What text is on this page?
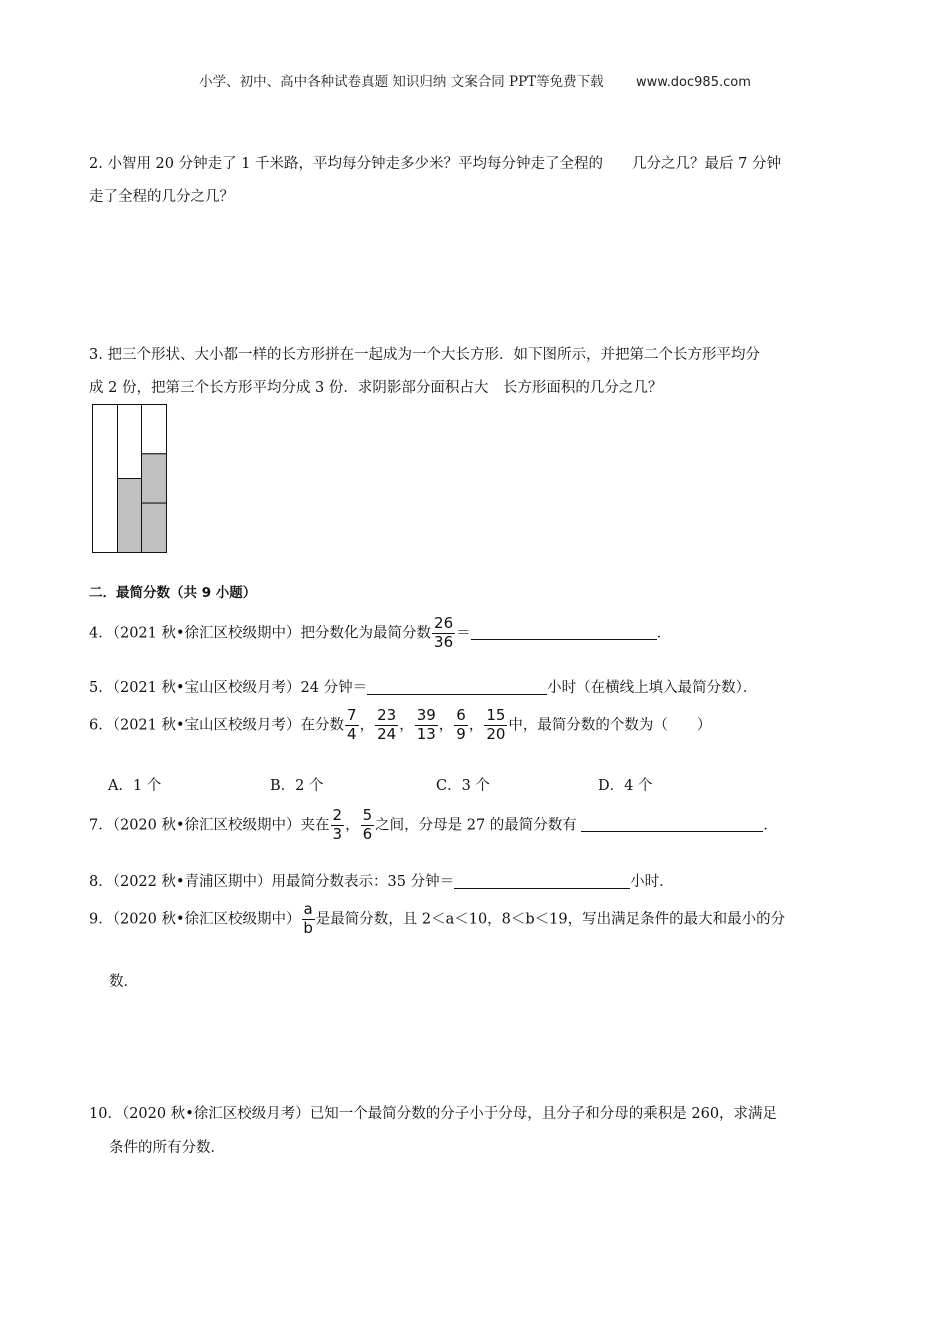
小学、初中、高中各种试卷真题 知识归纳 文案合同 PPT等免费下载 www.doc985.com
2. 小智用 20 分钟走了 1 千米路，平均每分钟走多少米？平均每分钟走了全程的　　几分之几？最后 7 分钟
走了全程的几分之几？
3. 把三个形状、大小都一样的长方形拼在一起成为一个大长方形．如下图所示，并把第二个长方形平均分
成 2 份，把第三个长方形平均分成 3 份．求阴影部分面积占大　长方形面积的几分之几？
二．最简分数（共 9 小题）
4．（2021 秋•徐汇区校级期中）把分数化为最简分数 $\frac{26}{36}$ ＝	．
5．（2021 秋•宝山区校级月考）24 分钟＝	小时（在横线上填入最简分数）．
6．（2021 秋•宝山区校级月考）在分数 $\frac{7}{4}$ ， $\frac{23}{24}$ ， $\frac{39}{13}$ ， $\frac{6}{9}$ ， $\frac{15}{20}$ 中，最简分数的个数为（　　）
A．1 个	B．2 个	C．3 个	D．4 个
7．（2020 秋•徐汇区校级期中）夹在 $\frac{2}{3}$ ， $\frac{5}{6}$ 之间，分母是 27 的最简分数有	．
8．（2022 秋•青浦区期中）用最简分数表示：35 分钟＝	小时．
9．（2020 秋•徐汇区校级期中） $\frac{a}{b}$ 是最简分数，且 2＜a＜10，8＜b＜19，写出满足条件的最大和最小的分
数．
10．（2020 秋•徐汇区校级月考）已知一个最简分数的分子小于分母，且分子和分母的乘积是 260，求满足
条件的所有分数．
